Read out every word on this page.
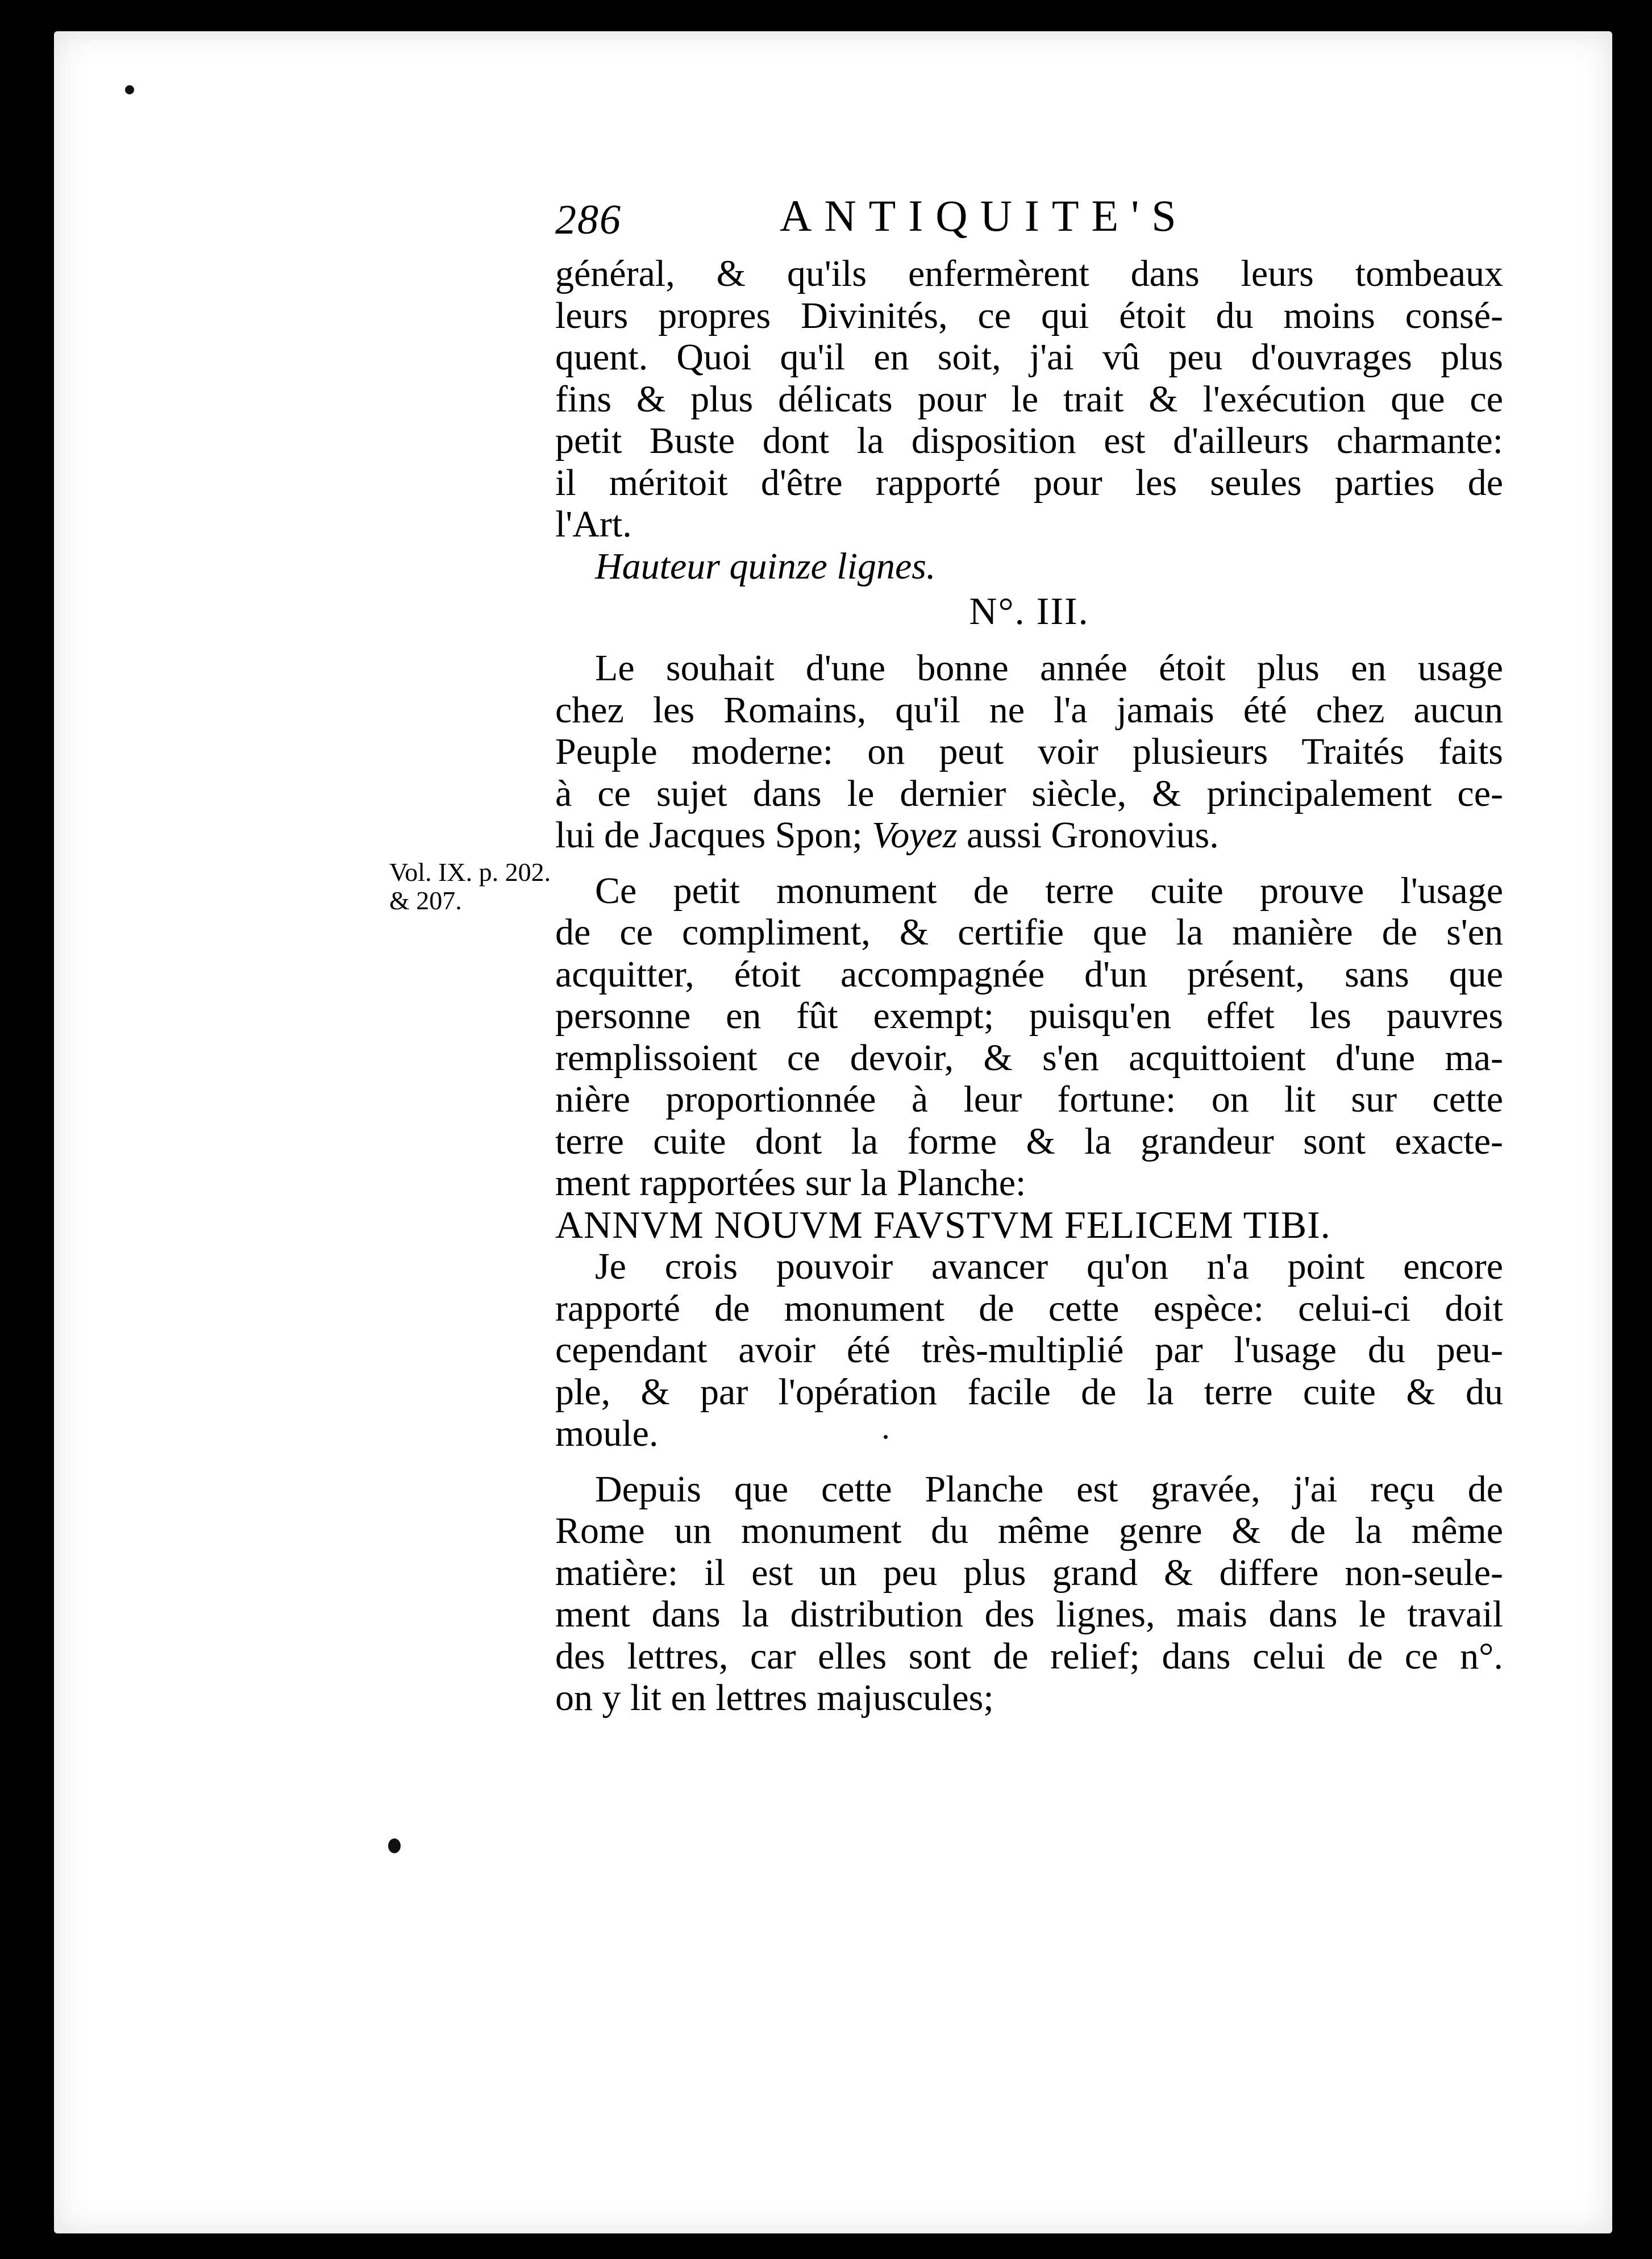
286	ANTIQUITE'S
Vol. IX. p. 202.
& 207.
général, & qu'ils enfermèrent dans leurs tombeaux
leurs propres Divinités, ce qui étoit du moins consé-
quent. Quoi qu'il en soit, j'ai vû peu d'ouvrages plus
fins & plus délicats pour le trait & l'exécution que ce
petit Buste dont la disposition est d'ailleurs charmante:
il méritoit d'être rapporté pour les seules parties de
l'Art.
Hauteur quinze lignes.
N°. III.
Le souhait d'une bonne année étoit plus en usage
chez les Romains, qu'il ne l'a jamais été chez aucun
Peuple moderne: on peut voir plusieurs Traités faits
à ce sujet dans le dernier siècle, & principalement ce-
lui de Jacques Spon; Voyez aussi Gronovius.
Ce petit monument de terre cuite prouve l'usage
de ce compliment, & certifie que la manière de s'en
acquitter, étoit accompagnée d'un présent, sans que
personne en fût exempt; puisqu'en effet les pauvres
remplissoient ce devoir, & s'en acquittoient d'une ma-
nière proportionnée à leur fortune: on lit sur cette
terre cuite dont la forme & la grandeur sont exacte-
ment rapportées sur la Planche:
ANNVM NOUVM FAVSTVM FELICEM TIBI.
Je crois pouvoir avancer qu'on n'a point encore
rapporté de monument de cette espèce: celui-ci doit
cependant avoir été très-multiplié par l'usage du peu-
ple, & par l'opération facile de la terre cuite & du
moule.
Depuis que cette Planche est gravée, j'ai reçu de
Rome un monument du même genre & de la même
matière: il est un peu plus grand & differe non-seule-
ment dans la distribution des lignes, mais dans le travail
des lettres, car elles sont de relief; dans celui de ce n°.
on y lit en lettres majuscules;
